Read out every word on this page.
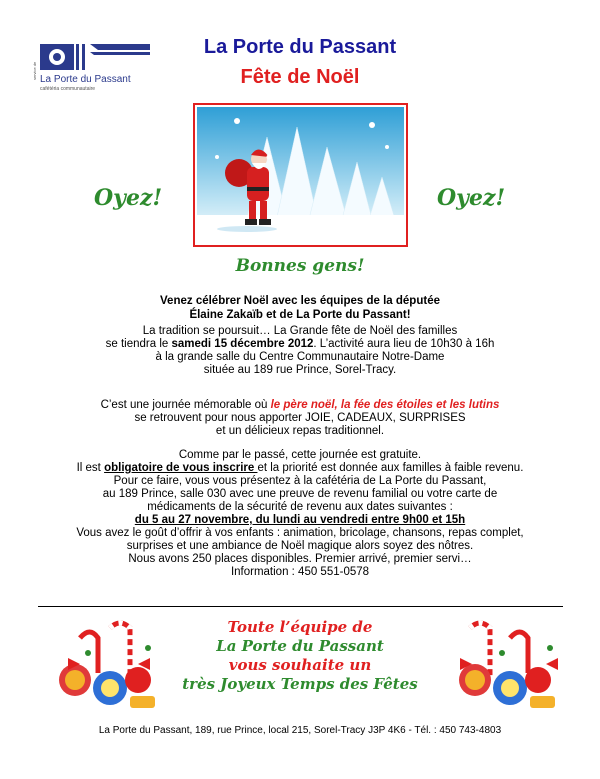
service de La Porte du Passant
cafétéria communautaire
La Porte du Passant
Fête de Noël
Oyez!	Oyez!
Bonnes gens!
Venez célébrer Noël avec les équipes de la députée
Élaine Zakaïb et de La Porte du Passant!
La tradition se poursuit… La Grande fête de Noël des familles
se tiendra le samedi 15 décembre 2012. L’activité aura lieu de 10h30 à 16h
à la grande salle du Centre Communautaire Notre-Dame
située au 189 rue Prince, Sorel-Tracy.
C’est une journée mémorable où le père noël, la fée des étoiles et les lutins
se retrouvent pour nous apporter JOIE, CADEAUX, SURPRISES
et un délicieux repas traditionnel.
Comme par le passé, cette journée est gratuite.
Il est obligatoire de vous inscrire et la priorité est donnée aux familles à faible revenu.
Pour ce faire, vous vous présentez à la cafétéria de La Porte du Passant,
au 189 Prince, salle 030 avec une preuve de revenu familial ou votre carte de
médicaments de la sécurité de revenu aux dates suivantes :
du 5 au 27 novembre, du lundi au vendredi entre 9h00 et 15h
Vous avez le goût d’offrir à vos enfants : animation, bricolage, chansons, repas complet,
surprises et une ambiance de Noël magique alors soyez des nôtres.
Nous avons 250 places disponibles. Premier arrivé, premier servi…
Information : 450 551-0578
Toute l’équipe de
La Porte du Passant
vous souhaite un
très Joyeux Temps des Fêtes
La Porte du Passant, 189, rue Prince, local 215, Sorel-Tracy J3P 4K6 - Tél. : 450 743-4803
